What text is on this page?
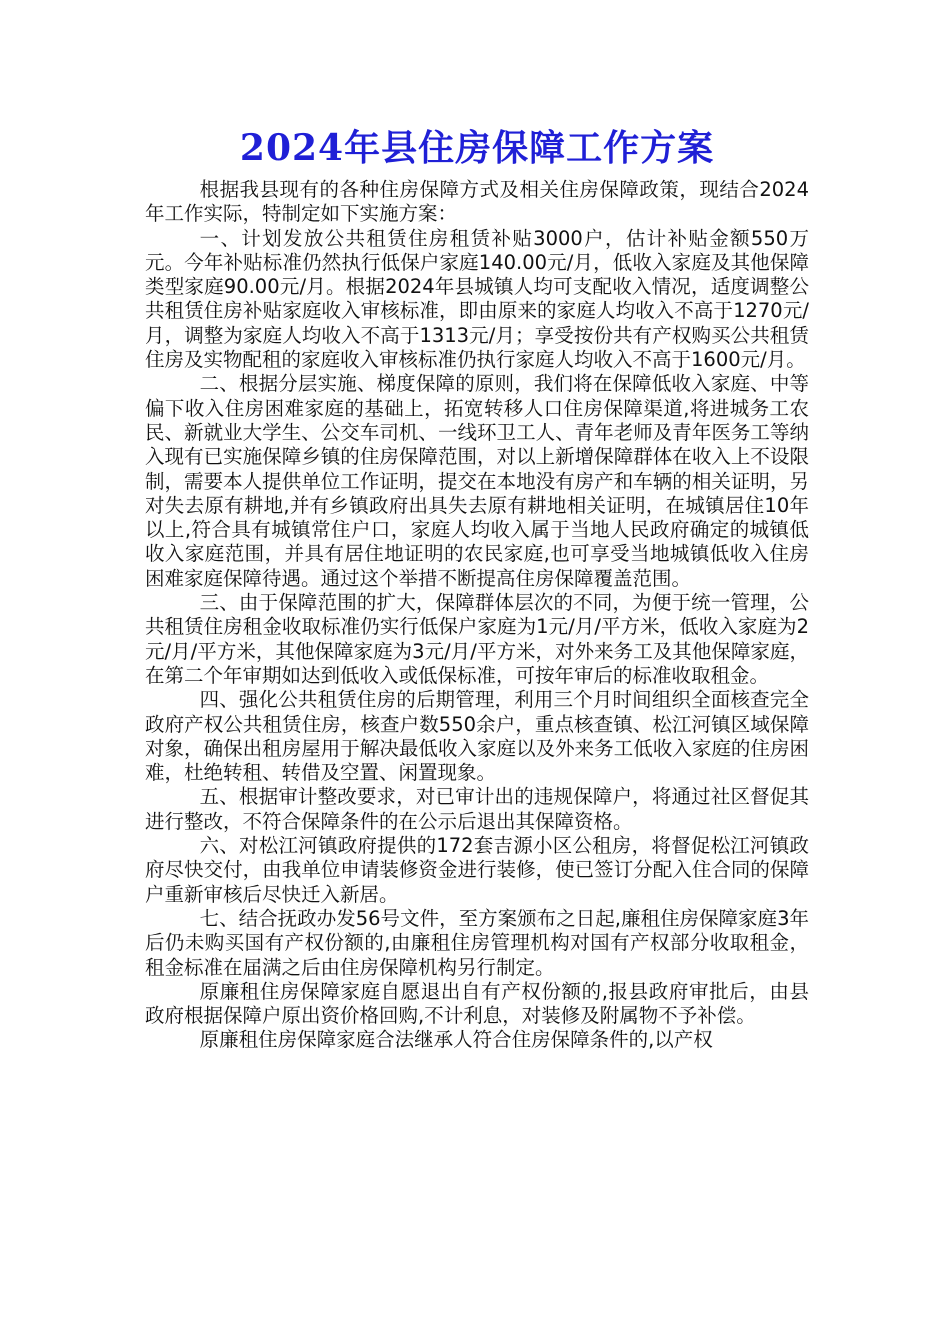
2024年县住房保障工作方案

根据我县现有的各种住房保障方式及相关住房保障政策，现结合2024年工作实际，特制定如下实施方案：

一、计划发放公共租赁住房租赁补贴3000户，估计补贴金额550万元。今年补贴标准仍然执行低保户家庭140.00元/月，低收入家庭及其他保障类型家庭90.00元/月。根据2024年县城镇人均可支配收入情况，适度调整公共租赁住房补贴家庭收入审核标准，即由原来的家庭人均收入不高于1270元/月，调整为家庭人均收入不高于1313元/月；享受按份共有产权购买公共租赁住房及实物配租的家庭收入审核标准仍执行家庭人均收入不高于1600元/月。

二、根据分层实施、梯度保障的原则，我们将在保障低收入家庭、中等偏下收入住房困难家庭的基础上，拓宽转移人口住房保障渠道,将进城务工农民、新就业大学生、公交车司机、一线环卫工人、青年老师及青年医务工等纳入现有已实施保障乡镇的住房保障范围，对以上新增保障群体在收入上不设限制，需要本人提供单位工作证明，提交在本地没有房产和车辆的相关证明，另对失去原有耕地,并有乡镇政府出具失去原有耕地相关证明，在城镇居住10年以上,符合具有城镇常住户口，家庭人均收入属于当地人民政府确定的城镇低收入家庭范围，并具有居住地证明的农民家庭,也可享受当地城镇低收入住房困难家庭保障待遇。通过这个举措不断提高住房保障覆盖范围。

三、由于保障范围的扩大，保障群体层次的不同，为便于统一管理，公共租赁住房租金收取标准仍实行低保户家庭为1元/月/平方米，低收入家庭为2元/月/平方米，其他保障家庭为3元/月/平方米，对外来务工及其他保障家庭，在第二个年审期如达到低收入或低保标准，可按年审后的标准收取租金。

四、强化公共租赁住房的后期管理，利用三个月时间组织全面核查完全政府产权公共租赁住房，核查户数550余户，重点核查镇、松江河镇区域保障对象，确保出租房屋用于解决最低收入家庭以及外来务工低收入家庭的住房困难，杜绝转租、转借及空置、闲置现象。

五、根据审计整改要求，对已审计出的违规保障户，将通过社区督促其进行整改，不符合保障条件的在公示后退出其保障资格。

六、对松江河镇政府提供的172套吉源小区公租房，将督促松江河镇政府尽快交付，由我单位申请装修资金进行装修，使已签订分配入住合同的保障户重新审核后尽快迁入新居。

七、结合抚政办发56号文件，至方案颁布之日起,廉租住房保障家庭3年后仍未购买国有产权份额的,由廉租住房管理机构对国有产权部分收取租金，租金标准在届满之后由住房保障机构另行制定。

原廉租住房保障家庭自愿退出自有产权份额的,报县政府审批后，由县政府根据保障户原出资价格回购,不计利息，对装修及附属物不予补偿。

原廉租住房保障家庭合法继承人符合住房保障条件的,以产权
